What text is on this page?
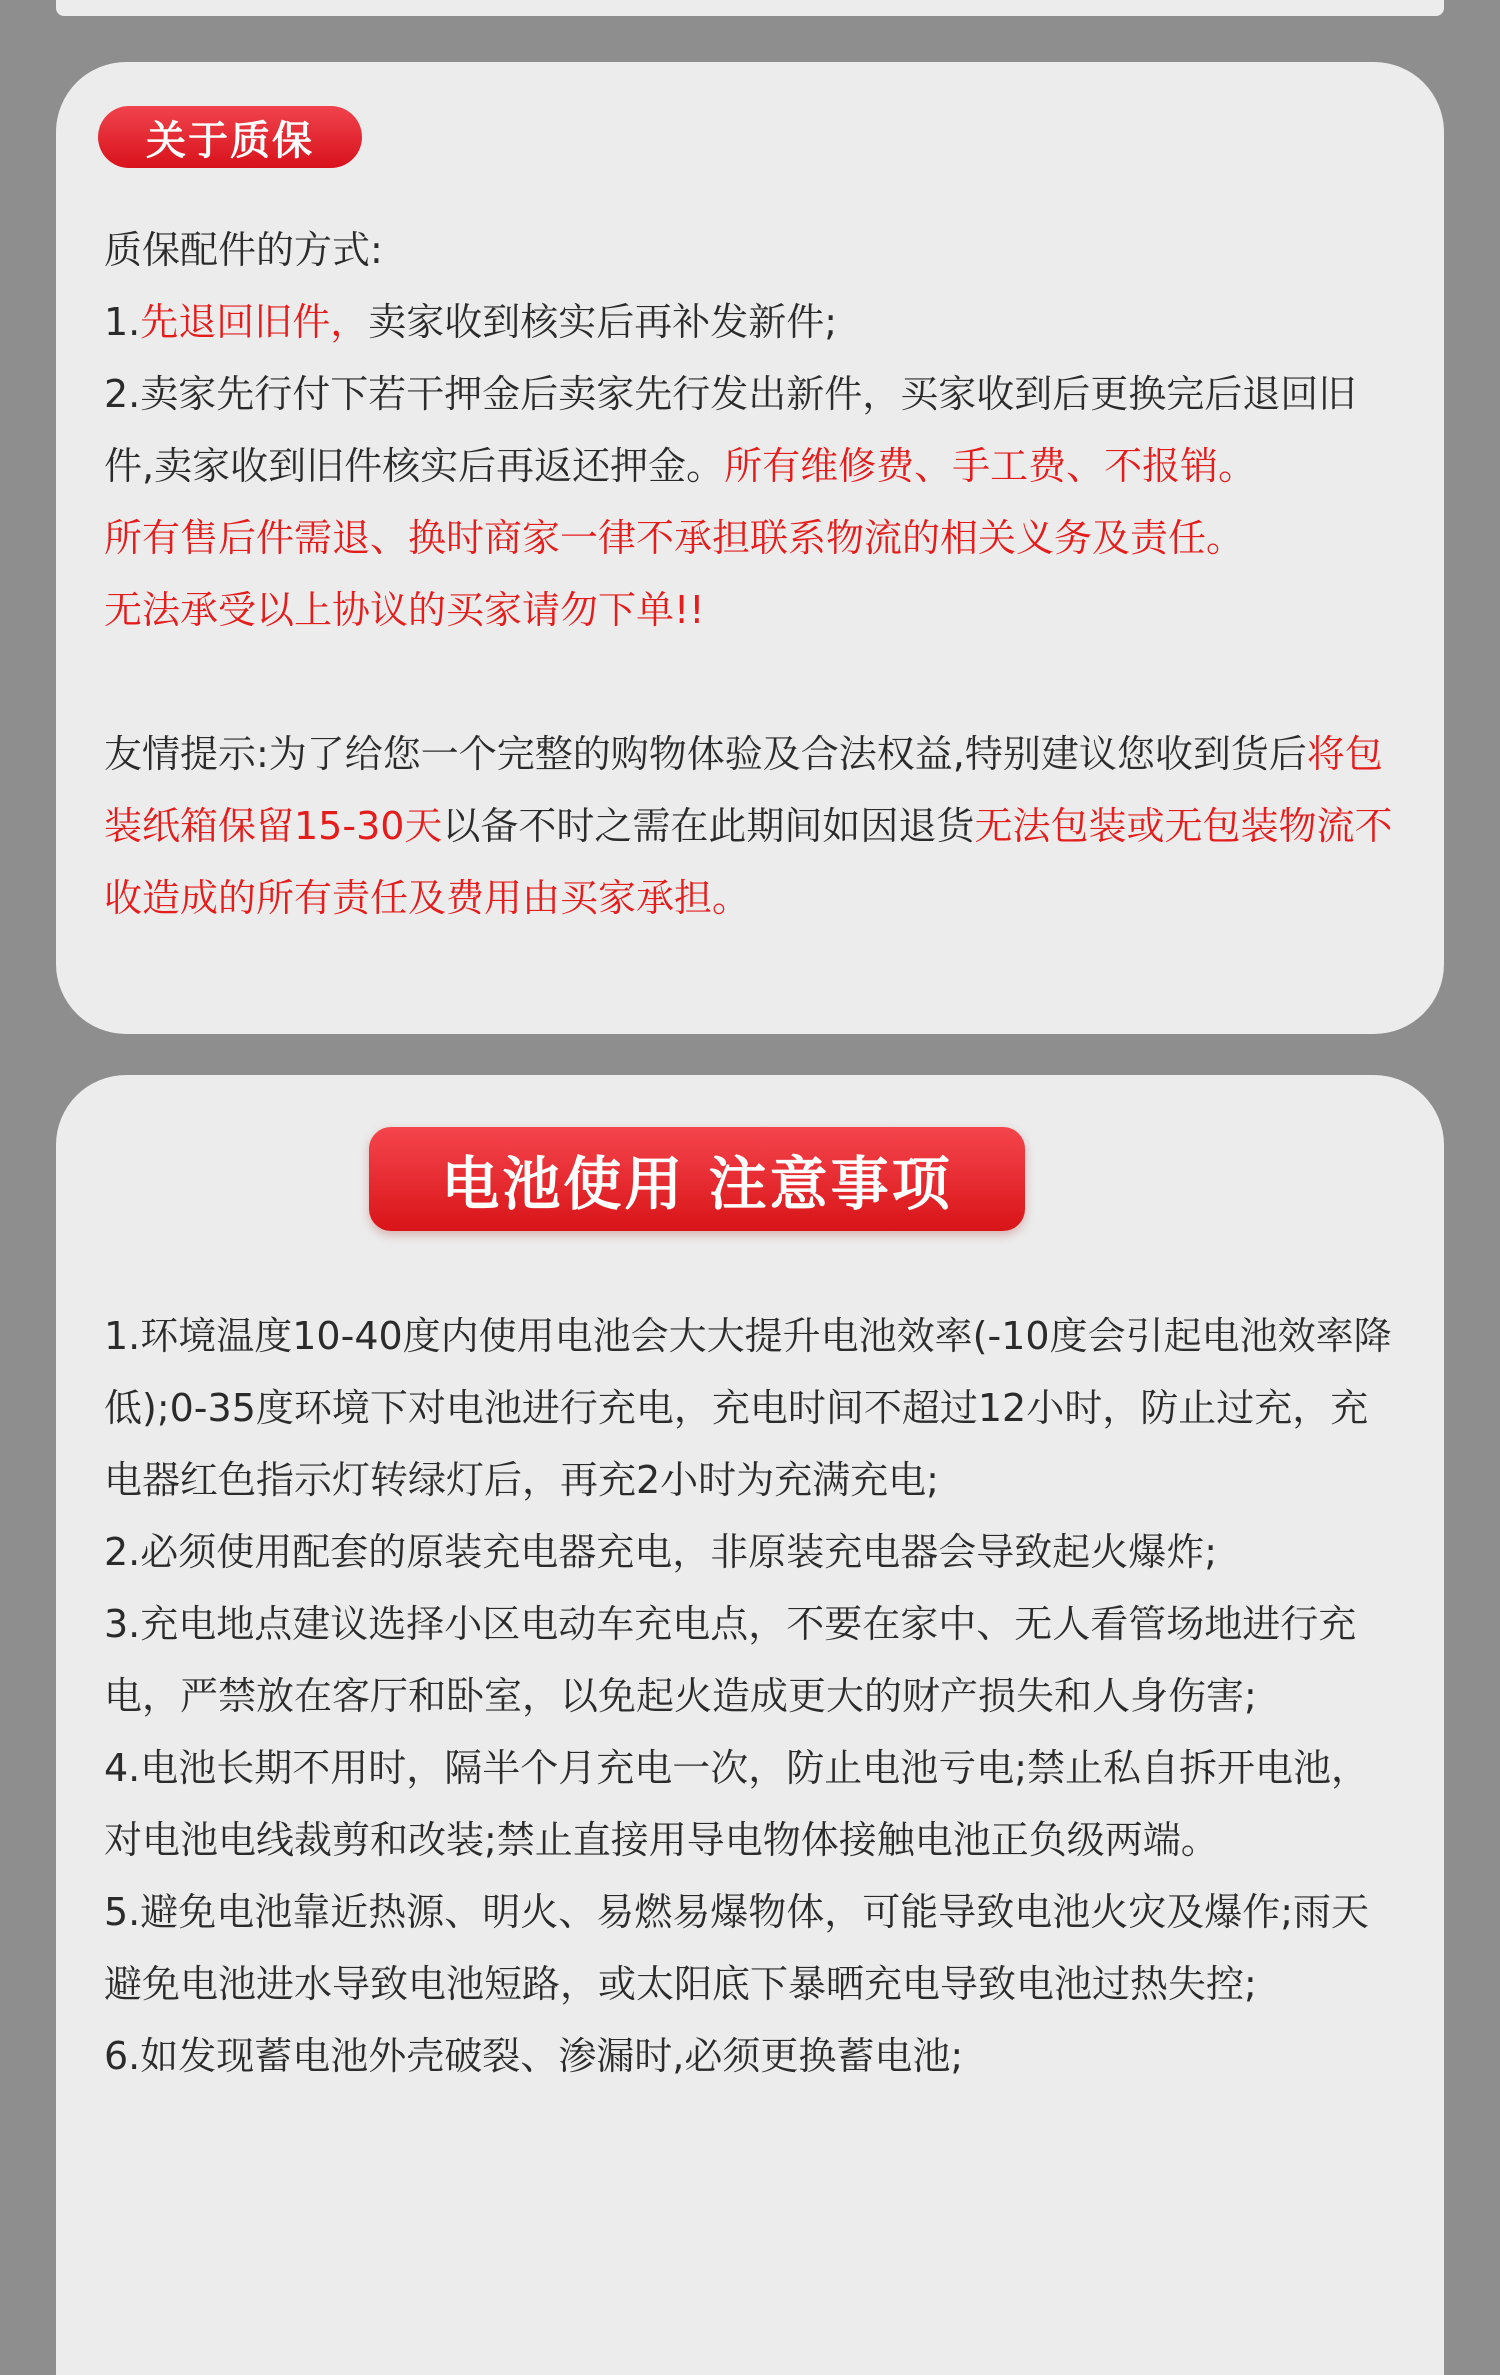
关于质保

质保配件的方式:

1.先退回旧件，卖家收到核实后再补发新件;

2.卖家先行付下若干押金后卖家先行发出新件，买家收到后更换完后退回旧件,卖家收到旧件核实后再返还押金。所有维修费、手工费、不报销。

所有售后件需退、换时商家一律不承担联系物流的相关义务及责任。

无法承受以上协议的买家请勿下单!!

友情提示:为了给您一个完整的购物体验及合法权益,特别建议您收到货后将包装纸箱保留15-30天以备不时之需在此期间如因退货无法包装或无包装物流不收造成的所有责任及费用由买家承担。

电池使用 注意事项

1.环境温度10-40度内使用电池会大大提升电池效率(-10度会引起电池效率降低);0-35度环境下对电池进行充电，充电时间不超过12小时，防止过充，充电器红色指示灯转绿灯后，再充2小时为充满充电;

2.必须使用配套的原装充电器充电，非原装充电器会导致起火爆炸;

3.充电地点建议选择小区电动车充电点，不要在家中、无人看管场地进行充电，严禁放在客厅和卧室，以免起火造成更大的财产损失和人身伤害;

4.电池长期不用时，隔半个月充电一次，防止电池亏电;禁止私自拆开电池，对电池电线裁剪和改装;禁止直接用导电物体接触电池正负级两端。

5.避免电池靠近热源、明火、易燃易爆物体，可能导致电池火灾及爆作;雨天避免电池进水导致电池短路，或太阳底下暴晒充电导致电池过热失控;

6.如发现蓄电池外壳破裂、渗漏时,必须更换蓄电池;
